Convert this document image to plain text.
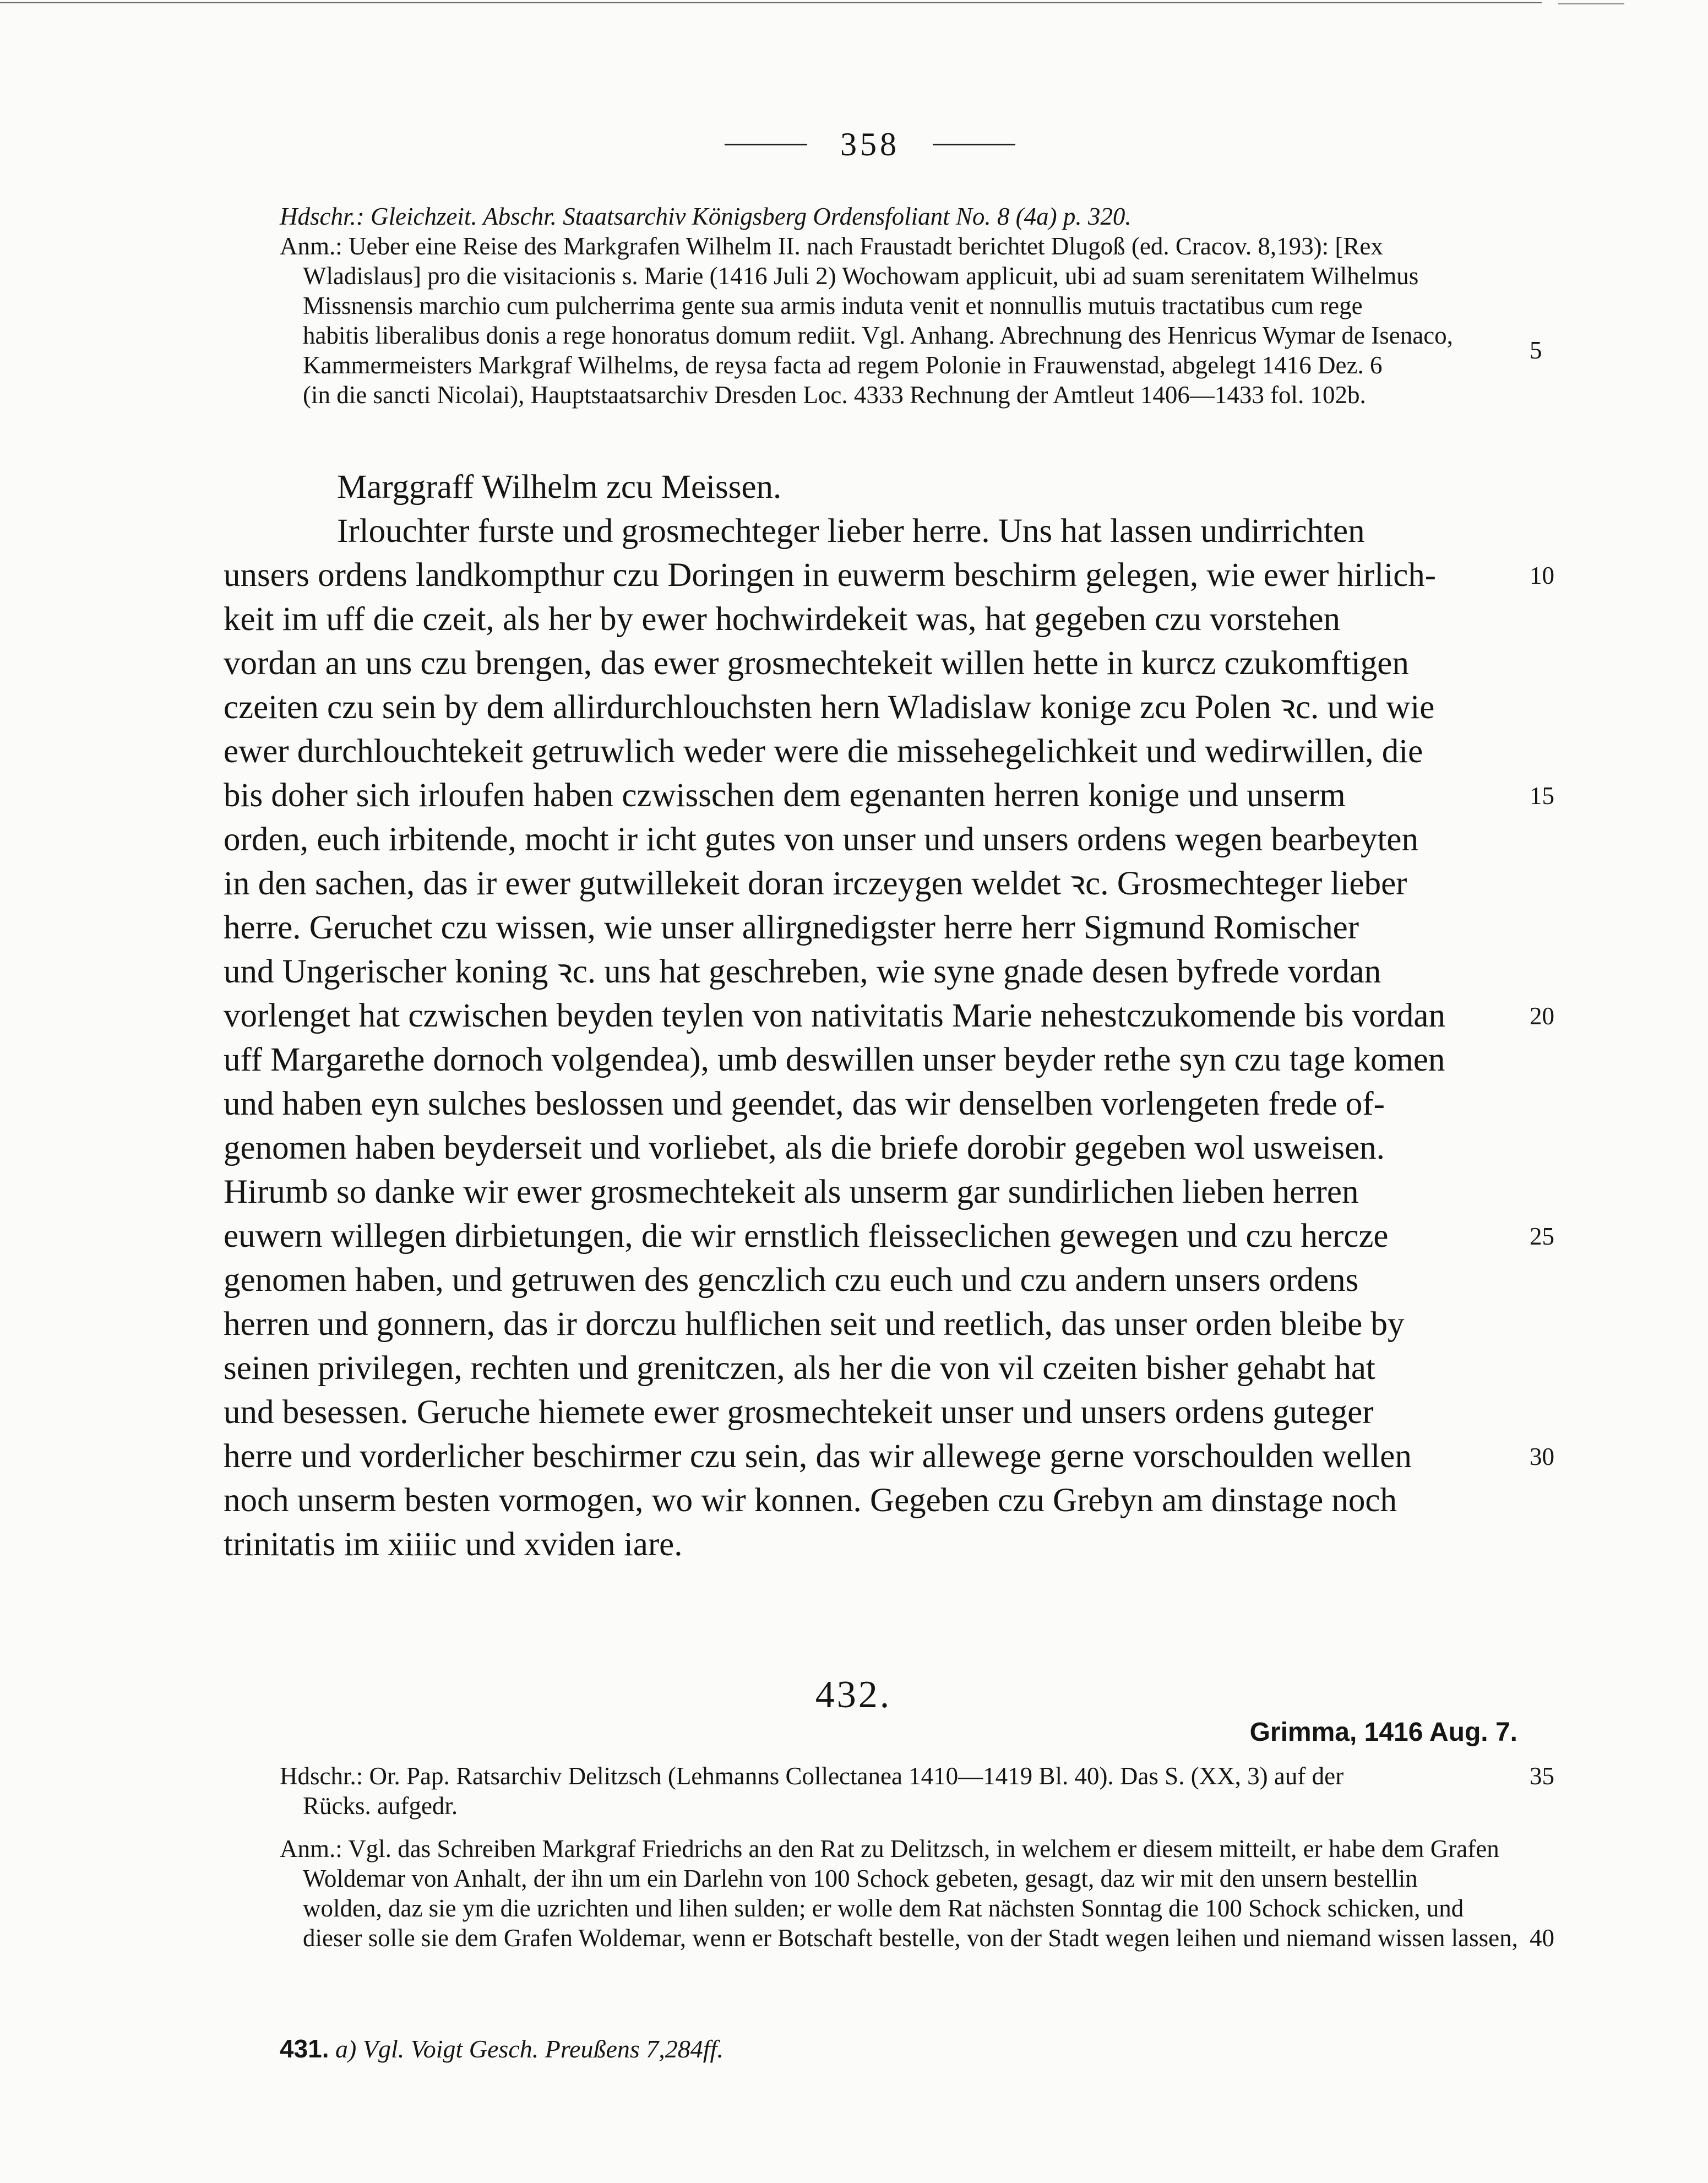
358
Hdschr.: Gleichzeit. Abschr. Staatsarchiv Königsberg Ordensfoliant No. 8 (4a) p. 320.
Anm.: Ueber eine Reise des Markgrafen Wilhelm II. nach Fraustadt berichtet Dlugoß (ed. Cracov. 8,193): [Rex
Wladislaus] pro die visitacionis s. Marie (1416 Juli 2) Wochowam applicuit, ubi ad suam serenitatem Wilhelmus
Missnensis marchio cum pulcherrima gente sua armis induta venit et nonnullis mutuis tractatibus cum rege
habitis liberalibus donis a rege honoratus domum rediit. Vgl. Anhang. Abrechnung des Henricus Wymar de Isenaco,
Kammermeisters Markgraf Wilhelms, de reysa facta ad regem Polonie in Frauwenstad, abgelegt 1416 Dez. 6
(in die sancti Nicolai), Hauptstaatsarchiv Dresden Loc. 4333 Rechnung der Amtleut 1406—1433 fol. 102b.
Marggraff Wilhelm zcu Meissen.
Irlouchter furste und grosmechteger lieber herre. Uns hat lassen undirrichten
unsers ordens landkompthur czu Doringen in euwerm beschirm gelegen, wie ewer hirlich-
keit im uff die czeit, als her by ewer hochwirdekeit was, hat gegeben czu vorstehen
vordan an uns czu brengen, das ewer grosmechtekeit willen hette in kurcz czukomftigen
czeiten czu sein by dem allirdurchlouchsten hern Wladislaw konige zcu Polen ꝛc. und wie
ewer durchlouchtekeit getruwlich weder were die missehegelichkeit und wedirwillen, die
bis doher sich irloufen haben czwisschen dem egenanten herren konige und unserm
orden, euch irbitende, mocht ir icht gutes von unser und unsers ordens wegen bearbeyten
in den sachen, das ir ewer gutwillekeit doran irczeygen weldet ꝛc. Grosmechteger lieber
herre. Geruchet czu wissen, wie unser allirgnedigster herre herr Sigmund Romischer
und Ungerischer koning ꝛc. uns hat geschreben, wie syne gnade desen byfrede vordan
vorlenget hat czwischen beyden teylen von nativitatis Marie nehestczukomende bis vordan
uff Margarethe dornoch volgendea), umb deswillen unser beyder rethe syn czu tage komen
und haben eyn sulches beslossen und geendet, das wir denselben vorlengeten frede of-
genomen haben beyderseit und vorliebet, als die briefe dorobir gegeben wol usweisen.
Hirumb so danke wir ewer grosmechtekeit als unserm gar sundirlichen lieben herren
euwern willegen dirbietungen, die wir ernstlich fleisseclichen gewegen und czu hercze
genomen haben, und getruwen des genczlich czu euch und czu andern unsers ordens
herren und gonnern, das ir dorczu hulflichen seit und reetlich, das unser orden bleibe by
seinen privilegen, rechten und grenitczen, als her die von vil czeiten bisher gehabt hat
und besessen. Geruche hiemete ewer grosmechtekeit unser und unsers ordens guteger
herre und vorderlicher beschirmer czu sein, das wir allewege gerne vorschoulden wellen
noch unserm besten vormogen, wo wir konnen. Gegeben czu Grebyn am dinstage noch
trinitatis im xiiiic und xviden iare.
432.
Grimma, 1416 Aug. 7.
Hdschr.: Or. Pap. Ratsarchiv Delitzsch (Lehmanns Collectanea 1410—1419 Bl. 40). Das S. (XX, 3) auf der
Rücks. aufgedr.
Anm.: Vgl. das Schreiben Markgraf Friedrichs an den Rat zu Delitzsch, in welchem er diesem mitteilt, er habe dem Grafen
Woldemar von Anhalt, der ihn um ein Darlehn von 100 Schock gebeten, gesagt, daz wir mit den unsern bestellin
wolden, daz sie ym die uzrichten und lihen sulden; er wolle dem Rat nächsten Sonntag die 100 Schock schicken, und
dieser solle sie dem Grafen Woldemar, wenn er Botschaft bestelle, von der Stadt wegen leihen und niemand wissen lassen,
5
10
15
20
25
30
35
40
431. a) Vgl. Voigt Gesch. Preußens 7,284ff.
